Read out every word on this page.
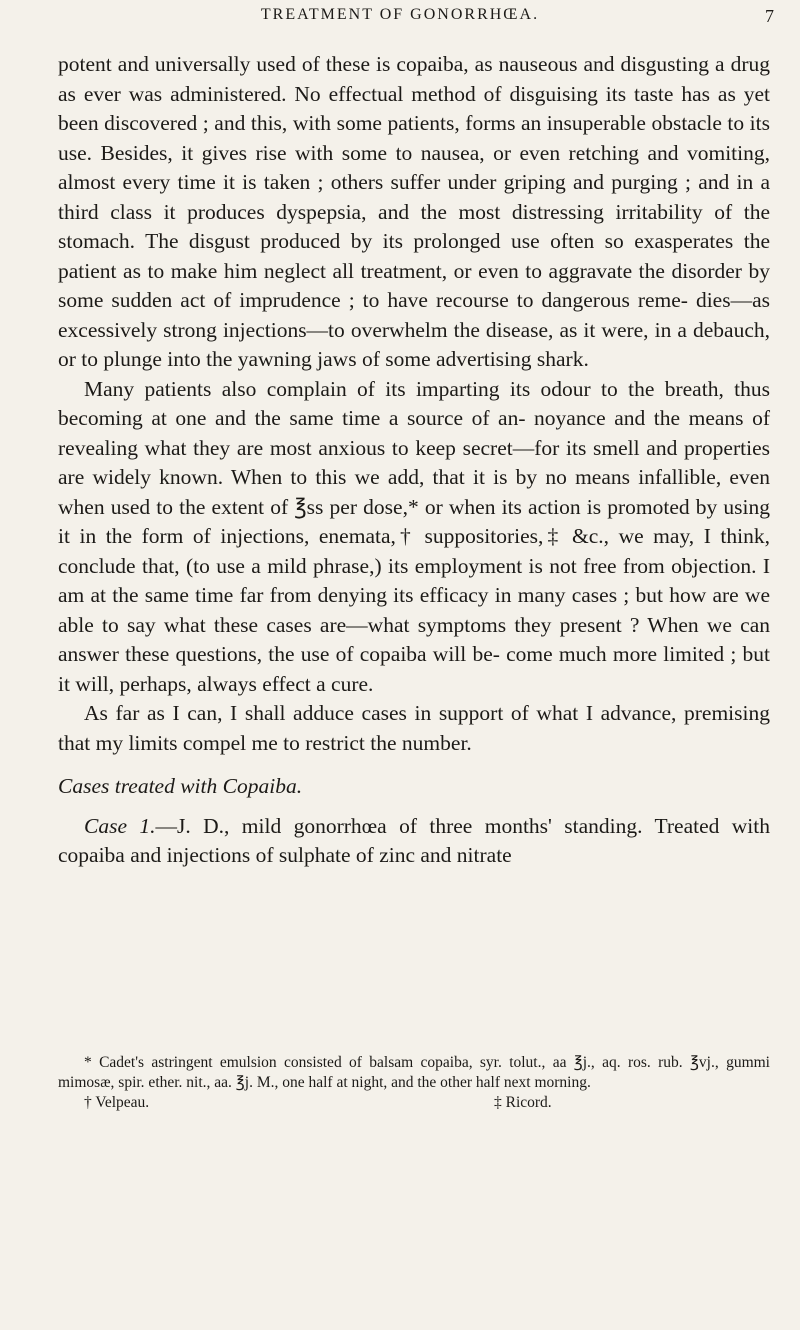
TREATMENT OF GONORRHŒA.	7

potent and universally used of these is copaiba, as nauseous and disgusting a drug as ever was administered. No effectual method of disguising its taste has as yet been discovered ; and this, with some patients, forms an insuperable obstacle to its use. Besides, it gives rise with some to nausea, or even retching and vomiting, almost every time it is taken ; others suffer under griping and purging ; and in a third class it produces dyspepsia, and the most distressing irritability of the stomach. The disgust produced by its prolonged use often so exasperates the patient as to make him neglect all treatment, or even to aggravate the disorder by some sudden act of imprudence ; to have recourse to dangerous reme- dies—as excessively strong injections—to overwhelm the disease, as it were, in a debauch, or to plunge into the yawning jaws of some advertising shark.

Many patients also complain of its imparting its odour to the breath, thus becoming at one and the same time a source of an- noyance and the means of revealing what they are most anxious to keep secret—for its smell and properties are widely known. When to this we add, that it is by no means infallible, even when used to the extent of ℥ss per dose,* or when its action is promoted by using it in the form of injections, enemata,† suppositories,‡ &c., we may, I think, conclude that, (to use a mild phrase,) its employment is not free from objection. I am at the same time far from denying its efficacy in many cases ; but how are we able to say what these cases are—what symptoms they present ? When we can answer these questions, the use of copaiba will be- come much more limited ; but it will, perhaps, always effect a cure.

As far as I can, I shall adduce cases in support of what I advance, premising that my limits compel me to restrict the number.

Cases treated with Copaiba.

Case 1.—J. D., mild gonorrhœa of three months' standing. Treated with copaiba and injections of sulphate of zinc and nitrate

* Cadet's astringent emulsion consisted of balsam copaiba, syr. tolut., aa ℥j., aq. ros. rub. ℥vj., gummi mimosæ, spir. ether. nit., aa. ℥j. M., one half at night, and the other half next morning.

† Velpeau.	‡ Ricord.
